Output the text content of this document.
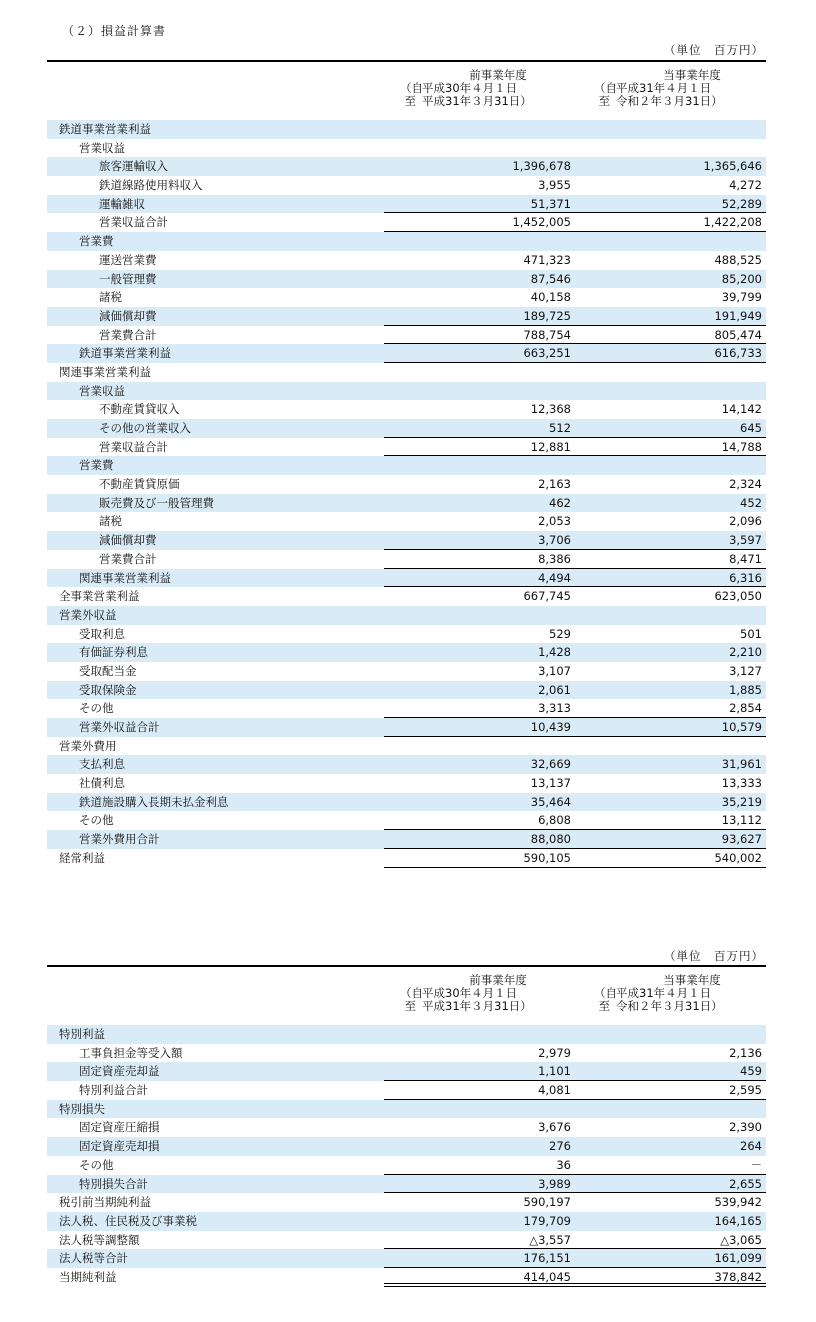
（２）損益計算書
（単位　百万円）
前事業年度
（自平成30年４月１日
至 平成31年３月31日）
当事業年度
（自平成31年４月１日
至 令和２年３月31日）
鉄道事業営業利益
営業収益
旅客運輸収入	1,396,678	1,365,646
鉄道線路使用料収入	3,955	4,272
運輸雑収	51,371	52,289
営業収益合計	1,452,005	1,422,208
営業費
運送営業費	471,323	488,525
一般管理費	87,546	85,200
諸税	40,158	39,799
減価償却費	189,725	191,949
営業費合計	788,754	805,474
鉄道事業営業利益	663,251	616,733
関連事業営業利益
営業収益
不動産賃貸収入	12,368	14,142
その他の営業収入	512	645
営業収益合計	12,881	14,788
営業費
不動産賃貸原価	2,163	2,324
販売費及び一般管理費	462	452
諸税	2,053	2,096
減価償却費	3,706	3,597
営業費合計	8,386	8,471
関連事業営業利益	4,494	6,316
全事業営業利益	667,745	623,050
営業外収益
受取利息	529	501
有価証券利息	1,428	2,210
受取配当金	3,107	3,127
受取保険金	2,061	1,885
その他	3,313	2,854
営業外収益合計	10,439	10,579
営業外費用
支払利息	32,669	31,961
社債利息	13,137	13,333
鉄道施設購入長期未払金利息	35,464	35,219
その他	6,808	13,112
営業外費用合計	88,080	93,627
経常利益	590,105	540,002
（単位　百万円）
前事業年度
（自平成30年４月１日
至 平成31年３月31日）
当事業年度
（自平成31年４月１日
至 令和２年３月31日）
特別利益
工事負担金等受入額	2,979	2,136
固定資産売却益	1,101	459
特別利益合計	4,081	2,595
特別損失
固定資産圧縮損	3,676	2,390
固定資産売却損	276	264
その他	36	－
特別損失合計	3,989	2,655
税引前当期純利益	590,197	539,942
法人税、住民税及び事業税	179,709	164,165
法人税等調整額	△3,557	△3,065
法人税等合計	176,151	161,099
当期純利益	414,045	378,842
